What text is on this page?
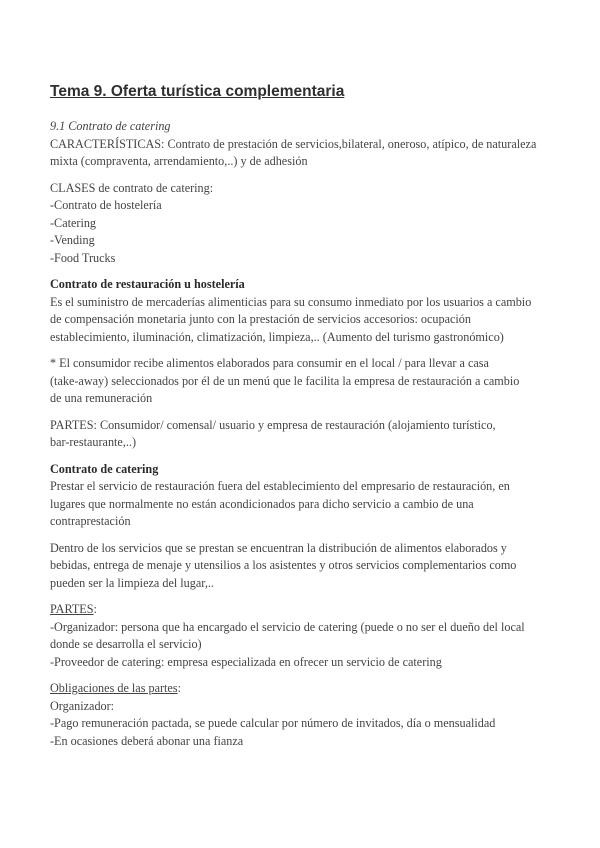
Tema 9. Oferta turística complementaria
9.1 Contrato de catering
CARACTERÍSTICAS: Contrato de prestación de servicios,bilateral, oneroso, atípico, de naturaleza
mixta (compraventa, arrendamiento,..) y de adhesión
CLASES de contrato de catering:
-Contrato de hostelería
-Catering
-Vending
-Food Trucks
Contrato de restauración u hostelería
Es el suministro de mercaderías alimenticias para su consumo inmediato por los usuarios a cambio
de compensación monetaria junto con la prestación de servicios accesorios: ocupación
establecimiento, iluminación, climatización, limpieza,.. (Aumento del turismo gastronómico)
* El consumidor recibe alimentos elaborados para consumir en el local / para llevar a casa
(take-away) seleccionados por él de un menú que le facilita la empresa de restauración a cambio
de una remuneración
PARTES: Consumidor/ comensal/ usuario y empresa de restauración (alojamiento turístico,
bar-restaurante,..)
Contrato de catering
Prestar el servicio de restauración fuera del establecimiento del empresario de restauración, en
lugares que normalmente no están acondicionados para dicho servicio a cambio de una
contraprestación
Dentro de los servicios que se prestan se encuentran la distribución de alimentos elaborados y
bebidas, entrega de menaje y utensilios a los asistentes y otros servicios complementarios como
pueden ser la limpieza del lugar,..
PARTES:
-Organizador: persona que ha encargado el servicio de catering (puede o no ser el dueño del local
donde se desarrolla el servicio)
-Proveedor de catering: empresa especializada en ofrecer un servicio de catering
Obligaciones de las partes:
Organizador:
-Pago remuneración pactada, se puede calcular por número de invitados, día o mensualidad
-En ocasiones deberá abonar una fianza
